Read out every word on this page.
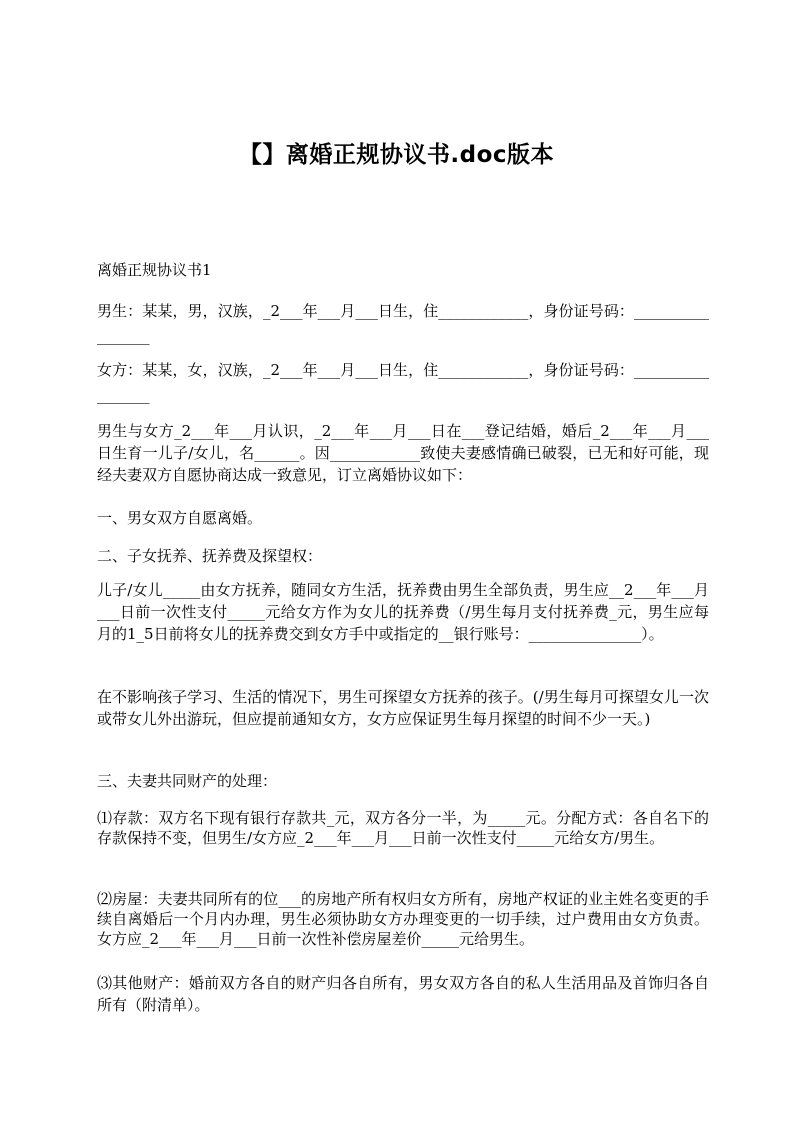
【】离婚正规协议书.doc版本
离婚正规协议书1
男生：某某，男，汉族，_2___年___月___日生，住____________，身份证号码：_________________
女方：某某，女，汉族，_2___年___月___日生，住____________，身份证号码：_________________
男生与女方_2___年___月认识，_2___年___月___日在___登记结婚，婚后_2___年___月___日生育一儿子/女儿，名______。因____________致使夫妻感情确已破裂，已无和好可能，现经夫妻双方自愿协商达成一致意见，订立离婚协议如下：
一、男女双方自愿离婚。
二、子女抚养、抚养费及探望权：
儿子/女儿_____由女方抚养，随同女方生活，抚养费由男生全部负责，男生应__2___年___月___日前一次性支付_____元给女方作为女儿的抚养费（/男生每月支付抚养费_元，男生应每月的1_5日前将女儿的抚养费交到女方手中或指定的__银行账号：_______________）。
在不影响孩子学习、生活的情况下，男生可探望女方抚养的孩子。(/男生每月可探望女儿一次或带女儿外出游玩，但应提前通知女方，女方应保证男生每月探望的时间不少一天。)
三、夫妻共同财产的处理：
⑴存款：双方名下现有银行存款共_元，双方各分一半，为_____元。分配方式：各自名下的存款保持不变，但男生/女方应_2___年___月___日前一次性支付_____元给女方/男生。
⑵房屋：夫妻共同所有的位___的房地产所有权归女方所有，房地产权证的业主姓名变更的手续自离婚后一个月内办理，男生必须协助女方办理变更的一切手续，过户费用由女方负责。女方应_2___年___月___日前一次性补偿房屋差价_____元给男生。
⑶其他财产：婚前双方各自的财产归各自所有，男女双方各自的私人生活用品及首饰归各自所有（附清单）。
